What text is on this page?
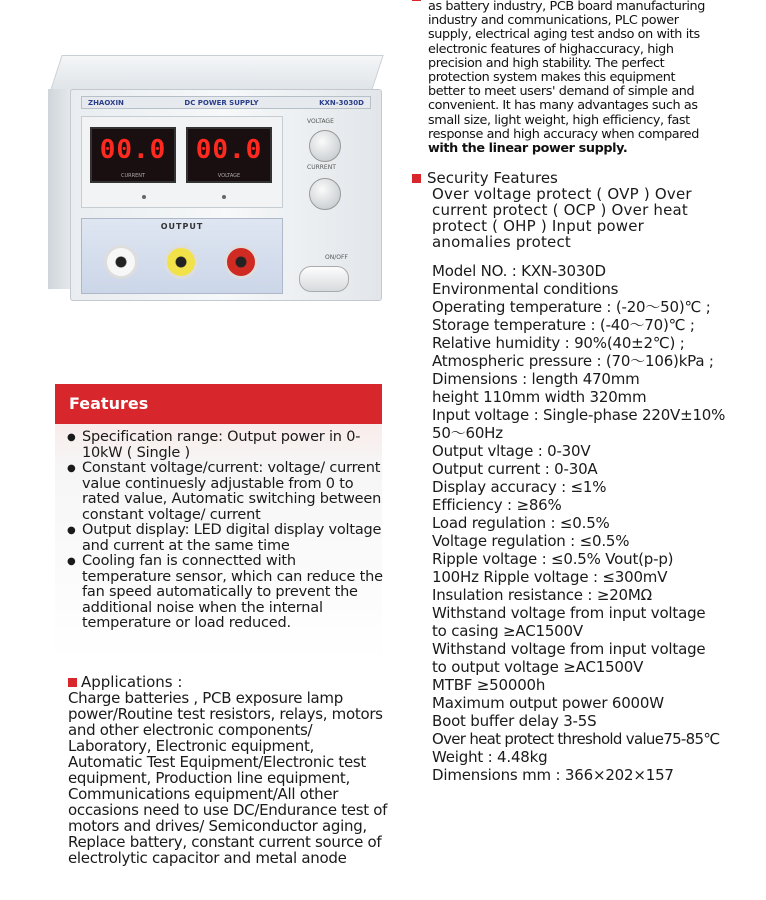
ZHAOXIN	DC POWER SUPPLY	KXN-3030D
00.0
CURRENT
00.0
VOLTAGE
VOLTAGE
CURRENT
ON/OFF
OUTPUT
as battery industry, PCB board manufacturing
industry and communications, PLC power
supply, electrical aging test andso on with its
electronic features of highaccuracy, high
precision and high stability. The perfect
protection system makes this equipment
better to meet users' demand of simple and
convenient. It has many advantages such as
small size, light weight, high efficiency, fast
response and high accuracy when compared
with the linear power supply.
Security Features
Over voltage protect ( OVP ) Over
current protect ( OCP ) Over heat
protect ( OHP ) Input power
anomalies protect
Model NO. : KXN-3030D
Environmental conditions
Operating temperature : (-20～50)℃ ;
Storage temperature : (-40～70)℃ ;
Relative humidity : 90%(40±2℃) ;
Atmospheric pressure : (70～106)kPa ;
Dimensions : length 470mm
height 110mm width 320mm
Input voltage : Single-phase 220V±10%
50～60Hz
Output vltage : 0-30V
Output current : 0-30A
Display accuracy : ≤1%
Efficiency : ≥86%
Load regulation : ≤0.5%
Voltage regulation : ≤0.5%
Ripple voltage : ≤0.5% Vout(p-p)
100Hz Ripple voltage : ≤300mV
Insulation resistance : ≥20MΩ
Withstand voltage from input voltage
to casing ≥AC1500V
Withstand voltage from input voltage
to output voltage ≥AC1500V
MTBF ≥50000h
Maximum output power 6000W
Boot buffer delay 3-5S
Over heat protect threshold value75-85℃
Weight : 4.48kg
Dimensions mm : 366×202×157
Features
● Specification range: Output power in 0-10kW ( Single )
● Constant voltage/current: voltage/ current value continuesly adjustable from 0 to rated value, Automatic switching between constant voltage/ current
● Output display: LED digital display voltage and current at the same time
● Cooling fan is connectted with temperature sensor, which can reduce the fan speed automatically to prevent the additional noise when the internal temperature or load reduced.
Applications :
Charge batteries , PCB exposure lamp power/Routine test resistors, relays, motors and other electronic components/ Laboratory, Electronic equipment, Automatic Test Equipment/Electronic test equipment, Production line equipment, Communications equipment/All other occasions need to use DC/Endurance test of motors and drives/ Semiconductor aging, Replace battery, constant current source of electrolytic capacitor and metal anode
